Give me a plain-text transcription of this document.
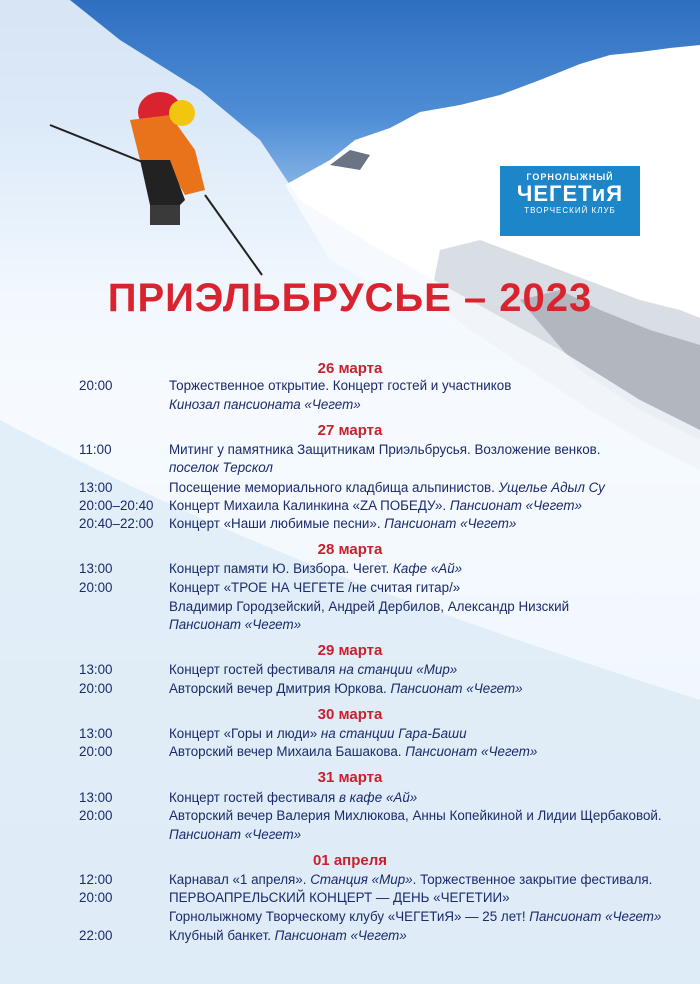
ГОРНОЛЫЖНЫЙ
ЧЕГЕТиЯ
ТВОРЧЕСКИЙ КЛУБ
ПРИЭЛЬБРУСЬЕ – 2023
26 марта
20:00	Торжественное открытие. Концерт гостей и участников
Кинозал пансионата «Чегет»
27 марта
11:00	Митинг у памятника Защитникам Приэльбрусья. Возложение венков.
поселок Терскол
13:00	Посещение мемориального кладбища альпинистов. Ущелье Адыл Су
20:00–20:40 Концерт Михаила Калинкина «ZA ПОБЕДУ». Пансионат «Чегет»
20:40–22:00 Концерт «Наши любимые песни». Пансионат «Чегет»
28 марта
13:00	Концерт памяти Ю. Визбора. Чегет. Кафе «Ай»
20:00	Концерт «ТРОЕ НА ЧЕГЕТЕ /не считая гитар/»
Владимир Городзейский, Андрей Дербилов, Александр Низский
Пансионат «Чегет»
29 марта
13:00	Концерт гостей фестиваля на станции «Мир»
20:00	Авторский вечер Дмитрия Юркова. Пансионат «Чегет»
30 марта
13:00	Концерт «Горы и люди» на станции Гара-Баши
20:00	Авторский вечер Михаила Башакова. Пансионат «Чегет»
31 марта
13:00	Концерт гостей фестиваля в кафе «Ай»
20:00	Авторский вечер Валерия Михлюкова, Анны Копейкиной и Лидии Щербаковой.
Пансионат «Чегет»
01 апреля
12:00	Карнавал «1 апреля». Станция «Мир». Торжественное закрытие фестиваля.
20:00	ПЕРВОАПРЕЛЬСКИЙ КОНЦЕРТ — ДЕНЬ «ЧЕГЕТИИ»
Горнолыжному Творческому клубу «ЧЕГЕТиЯ» — 25 лет! Пансионат «Чегет»
22:00	Клубный банкет. Пансионат «Чегет»
